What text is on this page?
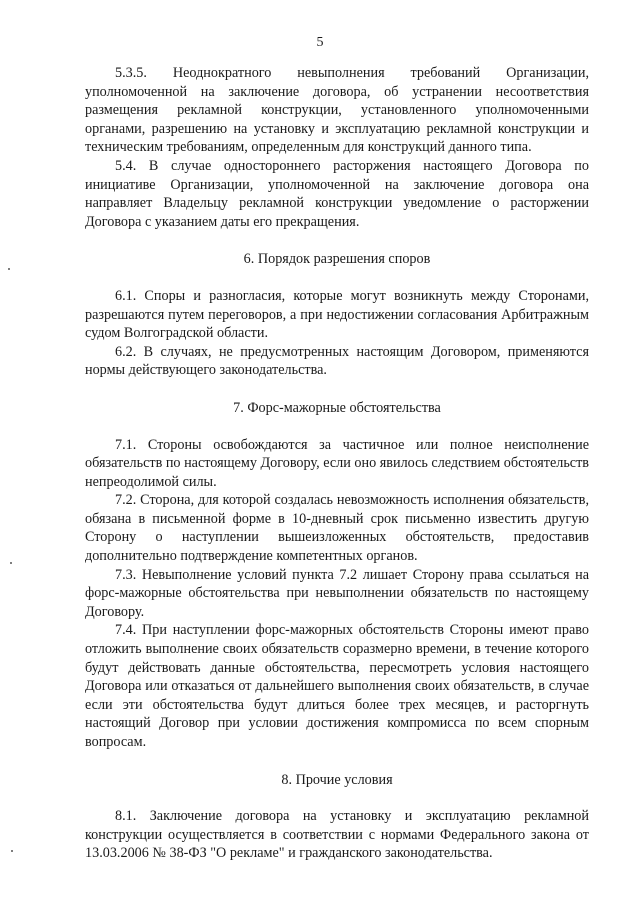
5

5.3.5. Неоднократного невыполнения требований Организации, уполномоченной на заключение договора, об устранении несоответствия размещения рекламной конструкции, установленного уполномоченными органами, разрешению на установку и эксплуатацию рекламной конструкции и техническим требованиям, определенным для конструкций данного типа.

5.4. В случае одностороннего расторжения настоящего Договора по инициативе Организации, уполномоченной на заключение договора она направляет Владельцу рекламной конструкции уведомление о расторжении Договора с указанием даты его прекращения.

6. Порядок разрешения споров

6.1. Споры и разногласия, которые могут возникнуть между Сторонами, разрешаются путем переговоров, а при недостижении согласования Арбитражным судом Волгоградской области.

6.2. В случаях, не предусмотренных настоящим Договором, применяются нормы действующего законодательства.

7. Форс-мажорные обстоятельства

7.1. Стороны освобождаются за частичное или полное неисполнение обязательств по настоящему Договору, если оно явилось следствием обстоятельств непреодолимой силы.

7.2. Сторона, для которой создалась невозможность исполнения обязательств, обязана в письменной форме в 10-дневный срок письменно известить другую Сторону о наступлении вышеизложенных обстоятельств, предоставив дополнительно подтверждение компетентных органов.

7.3. Невыполнение условий пункта 7.2 лишает Сторону права ссылаться на форс-мажорные обстоятельства при невыполнении обязательств по настоящему Договору.

7.4. При наступлении форс-мажорных обстоятельств Стороны имеют право отложить выполнение своих обязательств соразмерно времени, в течение которого будут действовать данные обстоятельства, пересмотреть условия настоящего Договора или отказаться от дальнейшего выполнения своих обязательств, в случае если эти обстоятельства будут длиться более трех месяцев, и расторгнуть настоящий Договор при условии достижения компромисса по всем спорным вопросам.

8. Прочие условия

8.1. Заключение договора на установку и эксплуатацию рекламной конструкции осуществляется в соответствии с нормами Федерального закона от 13.03.2006 № 38-ФЗ "О рекламе" и гражданского законодательства.
